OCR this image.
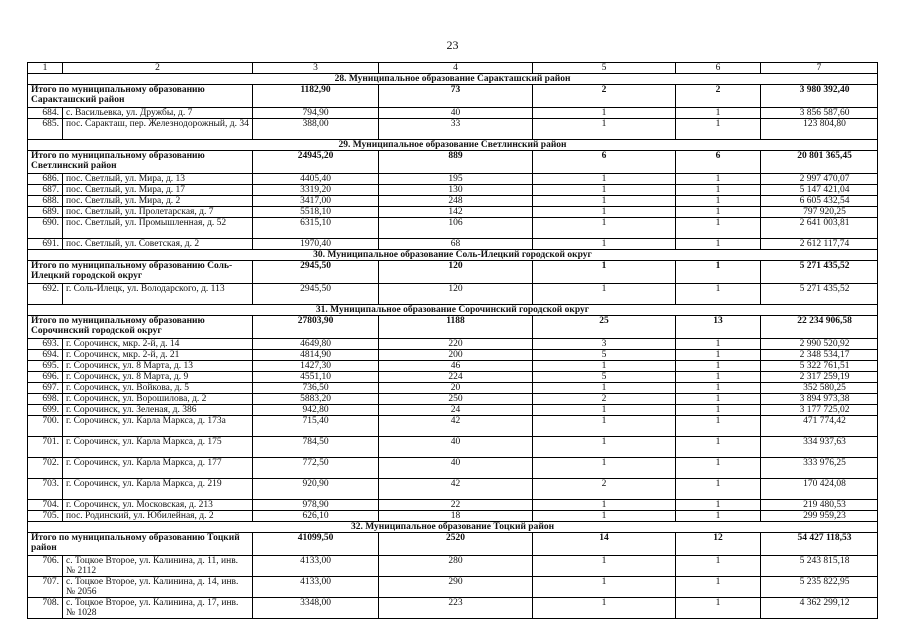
23
1	2	3	4	5	6	7
28. Муниципальное образование Саракташский район						
Итого по муниципальному образованию Саракташский район		1182,90	73	2	2	3 980 392,40
684.	с. Васильевка, ул. Дружбы, д. 7	794,90	40	1	1	3 856 587,60
685.	пос. Саракташ, пер. Железнодорожный, д. 34	388,00	33	1	1	123 804,80
29. Муниципальное образование Светлинский район						
Итого по муниципальному образованию Светлинский район		24945,20	889	6	6	20 801 365,45
686.	пос. Светлый, ул. Мира, д. 13	4405,40	195	1	1	2 997 470,07
687.	пос. Светлый, ул. Мира, д. 17	3319,20	130	1	1	5 147 421,04
688.	пос. Светлый, ул. Мира, д. 2	3417,00	248	1	1	6 605 432,54
689.	пос. Светлый, ул. Пролетарская, д. 7	5518,10	142	1	1	797 920,25
690.	пос. Светлый, ул. Промышленная, д. 52	6315,10	106	1	1	2 641 003,81
691.	пос. Светлый, ул. Советская, д. 2	1970,40	68	1	1	2 612 117,74
30. Муниципальное образование Соль-Илецкий городской округ						
Итого по муниципальному образованию Соль-Илецкий городской округ		2945,50	120	1	1	5 271 435,52
692.	г. Соль-Илецк, ул. Володарского, д. 113	2945,50	120	1	1	5 271 435,52
31. Муниципальное образование Сорочинский городской округ						
Итого по муниципальному образованию Сорочинский городской округ		27803,90	1188	25	13	22 234 906,58
693.	г. Сорочинск, мкр. 2-й, д. 14	4649,80	220	3	1	2 990 520,92
694.	г. Сорочинск, мкр. 2-й, д. 21	4814,90	200	5	1	2 348 534,17
695.	г. Сорочинск, ул. 8 Марта, д. 13	1427,30	46	1	1	5 322 761,51
696.	г. Сорочинск, ул. 8 Марта, д. 9	4551,10	224	5	1	2 317 259,19
697.	г. Сорочинск, ул. Войкова, д. 5	736,50	20	1	1	352 580,25
698.	г. Сорочинск, ул. Ворошилова, д. 2	5883,20	250	2	1	3 894 973,38
699.	г. Сорочинск, ул. Зеленая, д. 386	942,80	24	1	1	3 177 725,02
700.	г. Сорочинск, ул. Карла Маркса, д. 173а	715,40	42	1	1	471 774,42
701.	г. Сорочинск, ул. Карла Маркса, д. 175	784,50	40	1	1	334 937,63
702.	г. Сорочинск, ул. Карла Маркса, д. 177	772,50	40	1	1	333 976,25
703.	г. Сорочинск, ул. Карла Маркса, д. 219	920,90	42	2	1	170 424,08
704.	г. Сорочинск, ул. Московская, д. 213	978,90	22	1	1	219 480,53
705.	пос. Родинский, ул. Юбилейная, д. 2	626,10	18	1	1	299 959,23
32. Муниципальное образование Тоцкий район						
Итого по муниципальному образованию Тоцкий район		41099,50	2520	14	12	54 427 118,53
706.	с. Тоцкое Второе, ул. Калинина, д. 11, инв. № 2112	4133,00	280	1	1	5 243 815,18
707.	с. Тоцкое Второе, ул. Калинина, д. 14, инв. № 2056	4133,00	290	1	1	5 235 822,95
708.	с. Тоцкое Второе, ул. Калинина, д. 17, инв. № 1028	3348,00	223	1	1	4 362 299,12
